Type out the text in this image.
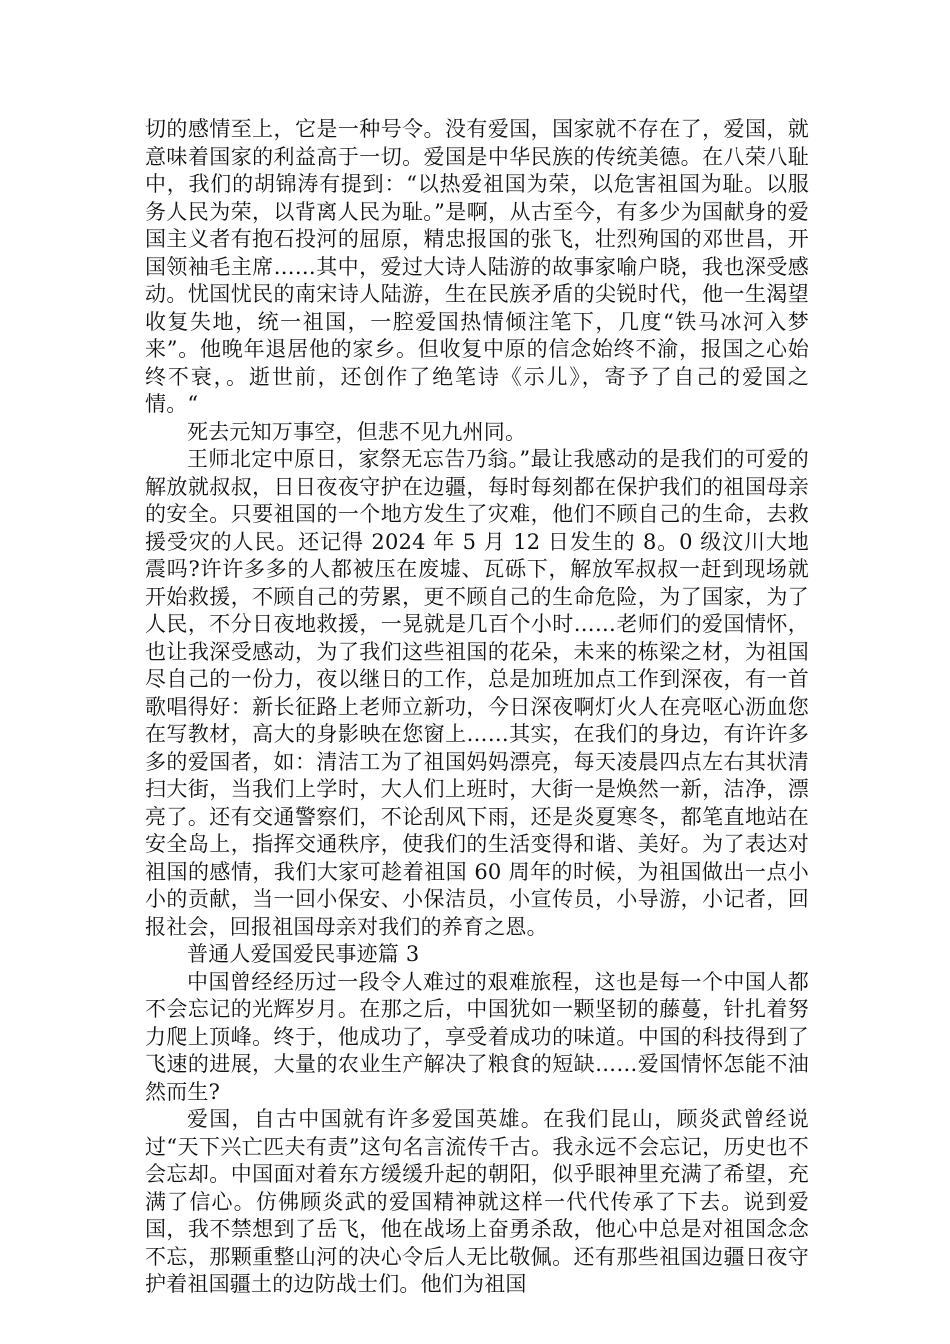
切的感情至上，它是一种号令。没有爱国，国家就不存在了，爱国，就意味着国家的利益高于一切。爱国是中华民族的传统美德。在八荣八耻中，我们的胡锦涛有提到：“以热爱祖国为荣，以危害祖国为耻。以服务人民为荣，以背离人民为耻。”是啊，从古至今，有多少为国献身的爱国主义者有抱石投河的屈原，精忠报国的张飞，壮烈殉国的邓世昌，开国领袖毛主席……其中，爱过大诗人陆游的故事家喻户晓，我也深受感动。忧国忧民的南宋诗人陆游，生在民族矛盾的尖锐时代，他一生渴望收复失地，统一祖国，一腔爱国热情倾注笔下，几度“铁马冰河入梦来”。他晚年退居他的家乡。但收复中原的信念始终不渝，报国之心始终不衰，。逝世前，还创作了绝笔诗《示儿》，寄予了自己的爱国之情。“

死去元知万事空，但悲不见九州同。

王师北定中原日，家祭无忘告乃翁。”最让我感动的是我们的可爱的解放就叔叔，日日夜夜守护在边疆，每时每刻都在保护我们的祖国母亲的安全。只要祖国的一个地方发生了灾难，他们不顾自己的生命，去救援受灾的人民。还记得 2024 年 5 月 12 日发生的 8。0 级汶川大地震吗?许许多多的人都被压在废墟、瓦砾下，解放军叔叔一赶到现场就开始救援，不顾自己的劳累，更不顾自己的生命危险，为了国家，为了人民，不分日夜地救援，一晃就是几百个小时……老师们的爱国情怀，也让我深受感动，为了我们这些祖国的花朵，未来的栋梁之材，为祖国尽自己的一份力，夜以继日的工作，总是加班加点工作到深夜，有一首歌唱得好：新长征路上老师立新功，今日深夜啊灯火人在亮呕心沥血您在写教材，高大的身影映在您窗上……其实，在我们的身边，有许许多多的爱国者，如：清洁工为了祖国妈妈漂亮，每天凌晨四点左右其状清扫大街，当我们上学时，大人们上班时，大街一是焕然一新，洁净，漂亮了。还有交通警察们，不论刮风下雨，还是炎夏寒冬，都笔直地站在安全岛上，指挥交通秩序，使我们的生活变得和谐、美好。为了表达对祖国的感情，我们大家可趁着祖国 60 周年的时候，为祖国做出一点小小的贡献，当一回小保安、小保洁员，小宣传员，小导游，小记者，回报社会，回报祖国母亲对我们的养育之恩。

普通人爱国爱民事迹篇 3

中国曾经经历过一段令人难过的艰难旅程，这也是每一个中国人都不会忘记的光辉岁月。在那之后，中国犹如一颗坚韧的藤蔓，针扎着努力爬上顶峰。终于，他成功了，享受着成功的味道。中国的科技得到了飞速的进展，大量的农业生产解决了粮食的短缺……爱国情怀怎能不油然而生?

爱国，自古中国就有许多爱国英雄。在我们昆山，顾炎武曾经说过“天下兴亡匹夫有责”这句名言流传千古。我永远不会忘记，历史也不会忘却。中国面对着东方缓缓升起的朝阳，似乎眼神里充满了希望，充满了信心。仿佛顾炎武的爱国精神就这样一代代传承了下去。说到爱国，我不禁想到了岳飞，他在战场上奋勇杀敌，他心中总是对祖国念念不忘，那颗重整山河的决心令后人无比敬佩。还有那些祖国边疆日夜守护着祖国疆土的边防战士们。他们为祖国
